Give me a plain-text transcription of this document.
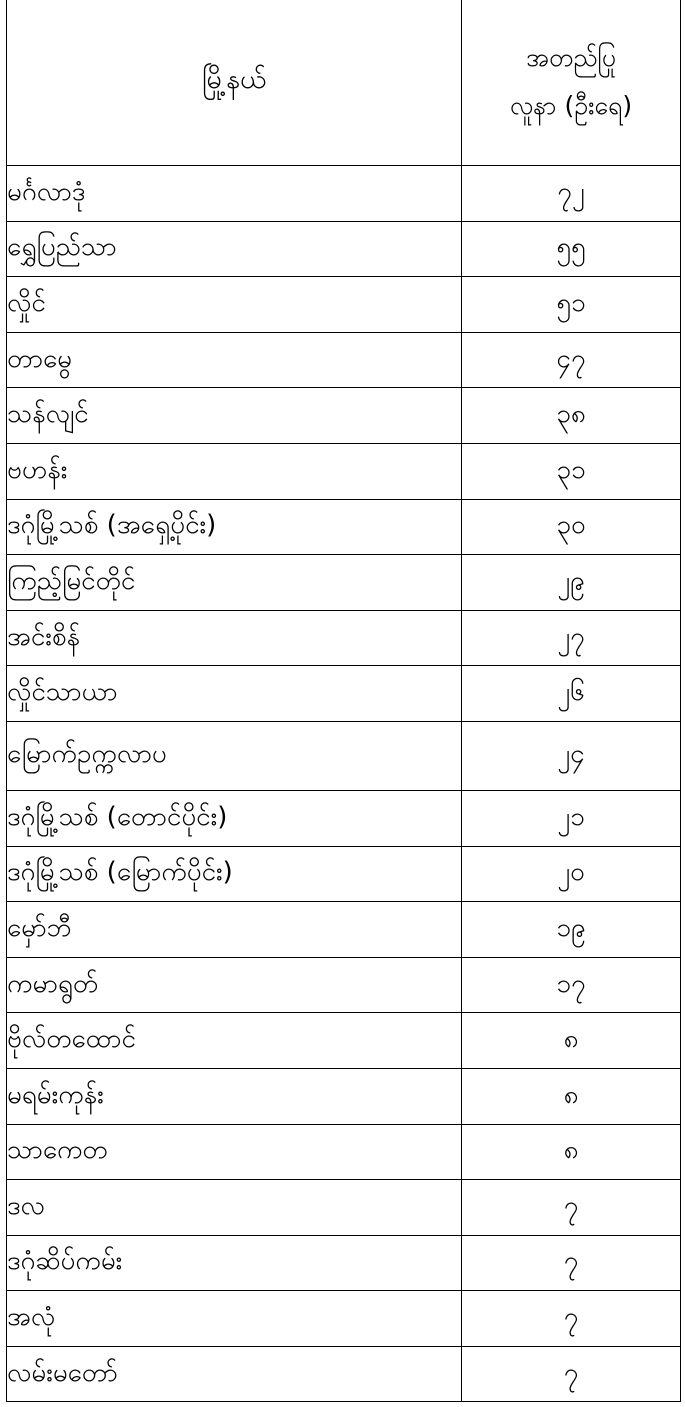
မြို့နယ်	အတည်ပြု
လူနာ (ဦးရေ)

မင်္ဂလာဒုံ	၇၂
ရွှေပြည်သာ	၅၅
လှိုင်	၅၁
တာမွေ	၄၇
သန်လျင်	၃၈
ဗဟန်း	၃၁
ဒဂုံမြို့သစ် (အရှေ့ပိုင်း)	၃၀
ကြည့်မြင်တိုင်	၂၉
အင်းစိန်	၂၇
လှိုင်သာယာ	၂၆
မြောက်ဥက္ကလာပ	၂၄
ဒဂုံမြို့သစ် (တောင်ပိုင်း)	၂၁
ဒဂုံမြို့သစ် (မြောက်ပိုင်း)	၂၀
မှော်ဘီ	၁၉
ကမာရွတ်	၁၇
ဗိုလ်တထောင်	၈
မရမ်းကုန်း	၈
သာကေတ	၈
ဒလ	၇
ဒဂုံဆိပ်ကမ်း	၇
အလုံ	၇
လမ်းမတော်	၇
